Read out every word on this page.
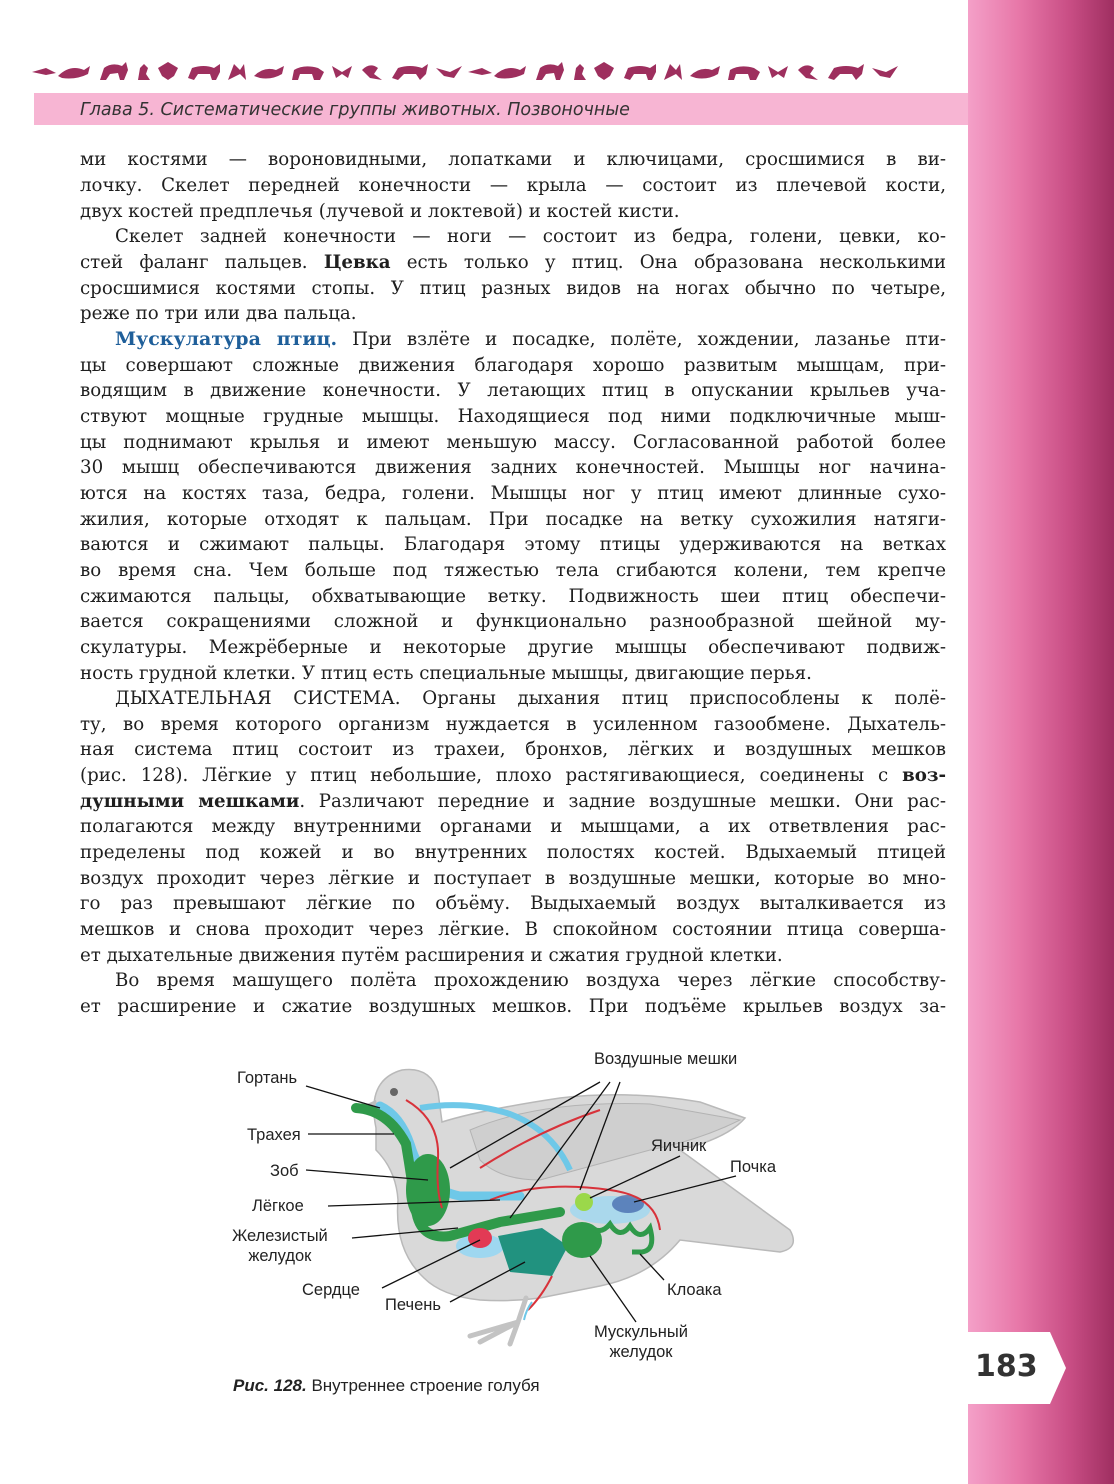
Глава 5. Систематические группы животных. Позвоночные

ми костями — вороновидными, лопатками и ключицами, сросшимися в ви-

лочку. Скелет передней конечности — крыла — состоит из плечевой кости,

двух костей предплечья (лучевой и локтевой) и костей кисти.

Скелет задней конечности — ноги — состоит из бедра, голени, цевки, ко-

стей фаланг пальцев. Цевка есть только у птиц. Она образована несколькими

сросшимися костями стопы. У птиц разных видов на ногах обычно по четыре,

реже по три или два пальца.

Мускулатура птиц. При взлёте и посадке, полёте, хождении, лазанье пти-

цы совершают сложные движения благодаря хорошо развитым мышцам, при-

водящим в движение конечности. У летающих птиц в опускании крыльев уча-

ствуют мощные грудные мышцы. Находящиеся под ними подключичные мыш-

цы поднимают крылья и имеют меньшую массу. Согласованной работой более

30 мышц обеспечиваются движения задних конечностей. Мышцы ног начина-

ются на костях таза, бедра, голени. Мышцы ног у птиц имеют длинные сухо-

жилия, которые отходят к пальцам. При посадке на ветку сухожилия натяги-

ваются и сжимают пальцы. Благодаря этому птицы удерживаются на ветках

во время сна. Чем больше под тяжестью тела сгибаются колени, тем крепче

сжимаются пальцы, обхватывающие ветку. Подвижность шеи птиц обеспечи-

вается сокращениями сложной и функционально разнообразной шейной му-

скулатуры. Межрёберные и некоторые другие мышцы обеспечивают подвиж-

ность грудной клетки. У птиц есть специальные мышцы, двигающие перья.

ДЫХАТЕЛЬНАЯ СИСТЕМА. Органы дыхания птиц приспособлены к полё-

ту, во время которого организм нуждается в усиленном газообмене. Дыхатель-

ная система птиц состоит из трахеи, бронхов, лёгких и воздушных мешков

(рис. 128). Лёгкие у птиц небольшие, плохо растягивающиеся, соединены с воз-

душными мешками. Различают передние и задние воздушные мешки. Они рас-

полагаются между внутренними органами и мышцами, а их ответвления рас-

пределены под кожей и во внутренних полостях костей. Вдыхаемый птицей

воздух проходит через лёгкие и поступает в воздушные мешки, которые во мно-

го раз превышают лёгкие по объёму. Выдыхаемый воздух выталкивается из

мешков и снова проходит через лёгкие. В спокойном состоянии птица соверша-

ет дыхательные движения путём расширения и сжатия грудной клетки.

Во время машущего полёта прохождению воздуха через лёгкие способству-

ет расширение и сжатие воздушных мешков. При подъёме крыльев воздух за-

Гортань
Трахея
Зоб
Лёгкое
Железистый
желудок
Сердце
Печень
Воздушные мешки
Яичник
Почка
Клоака
Мускульный
желудок
Рис. 128. Внутреннее строение голубя
183
